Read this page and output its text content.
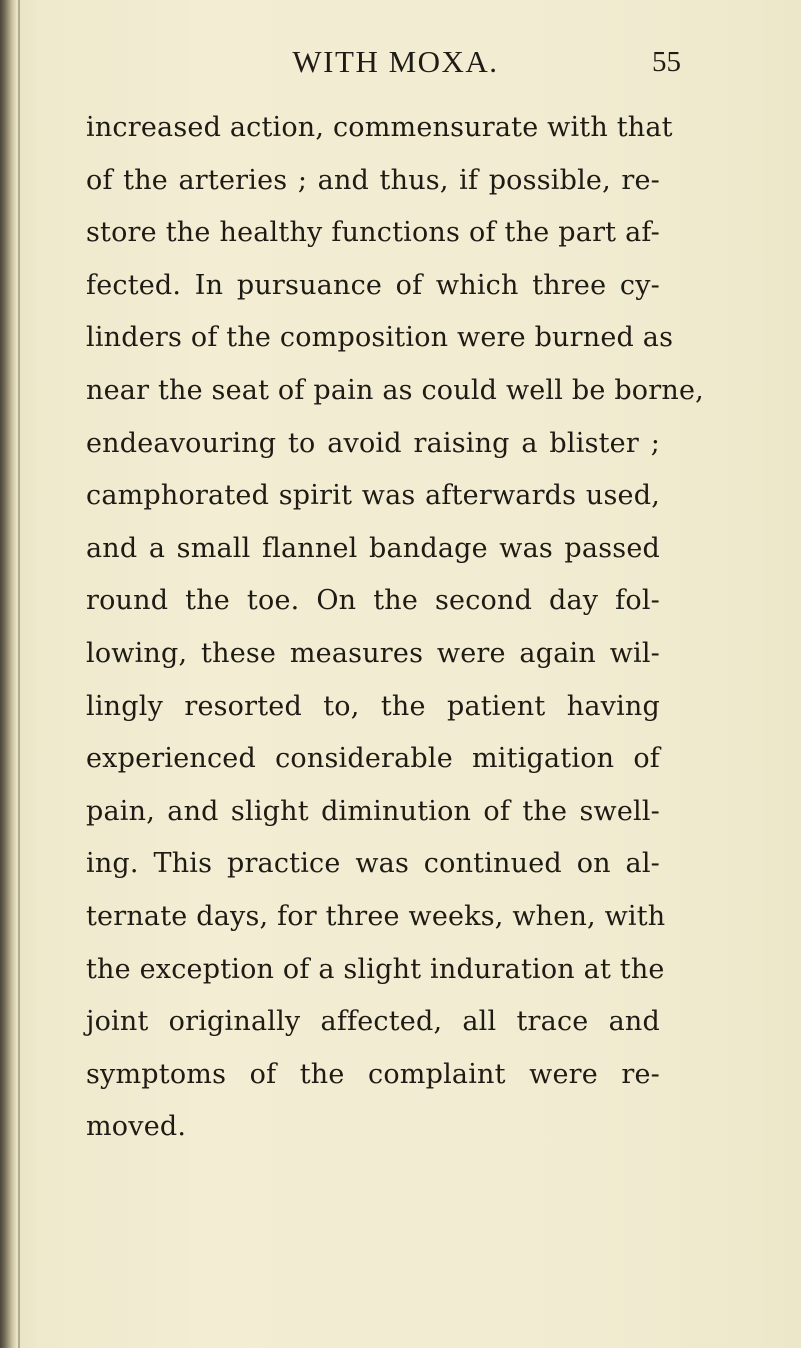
WITH MOXA.	55
increased action, commensurate with that
of the arteries ; and thus, if possible, re-
store the healthy functions of the part af-
fected. In pursuance of which three cy-
linders of the composition were burned as
near the seat of pain as could well be borne,
endeavouring to avoid raising a blister ;
camphorated spirit was afterwards used,
and a small flannel bandage was passed
round the toe. On the second day fol-
lowing, these measures were again wil-
lingly resorted to, the patient having
experienced considerable mitigation of
pain, and slight diminution of the swell-
ing. This practice was continued on al-
ternate days, for three weeks, when, with
the exception of a slight induration at the
joint originally affected, all trace and
symptoms of the complaint were re-
moved.
